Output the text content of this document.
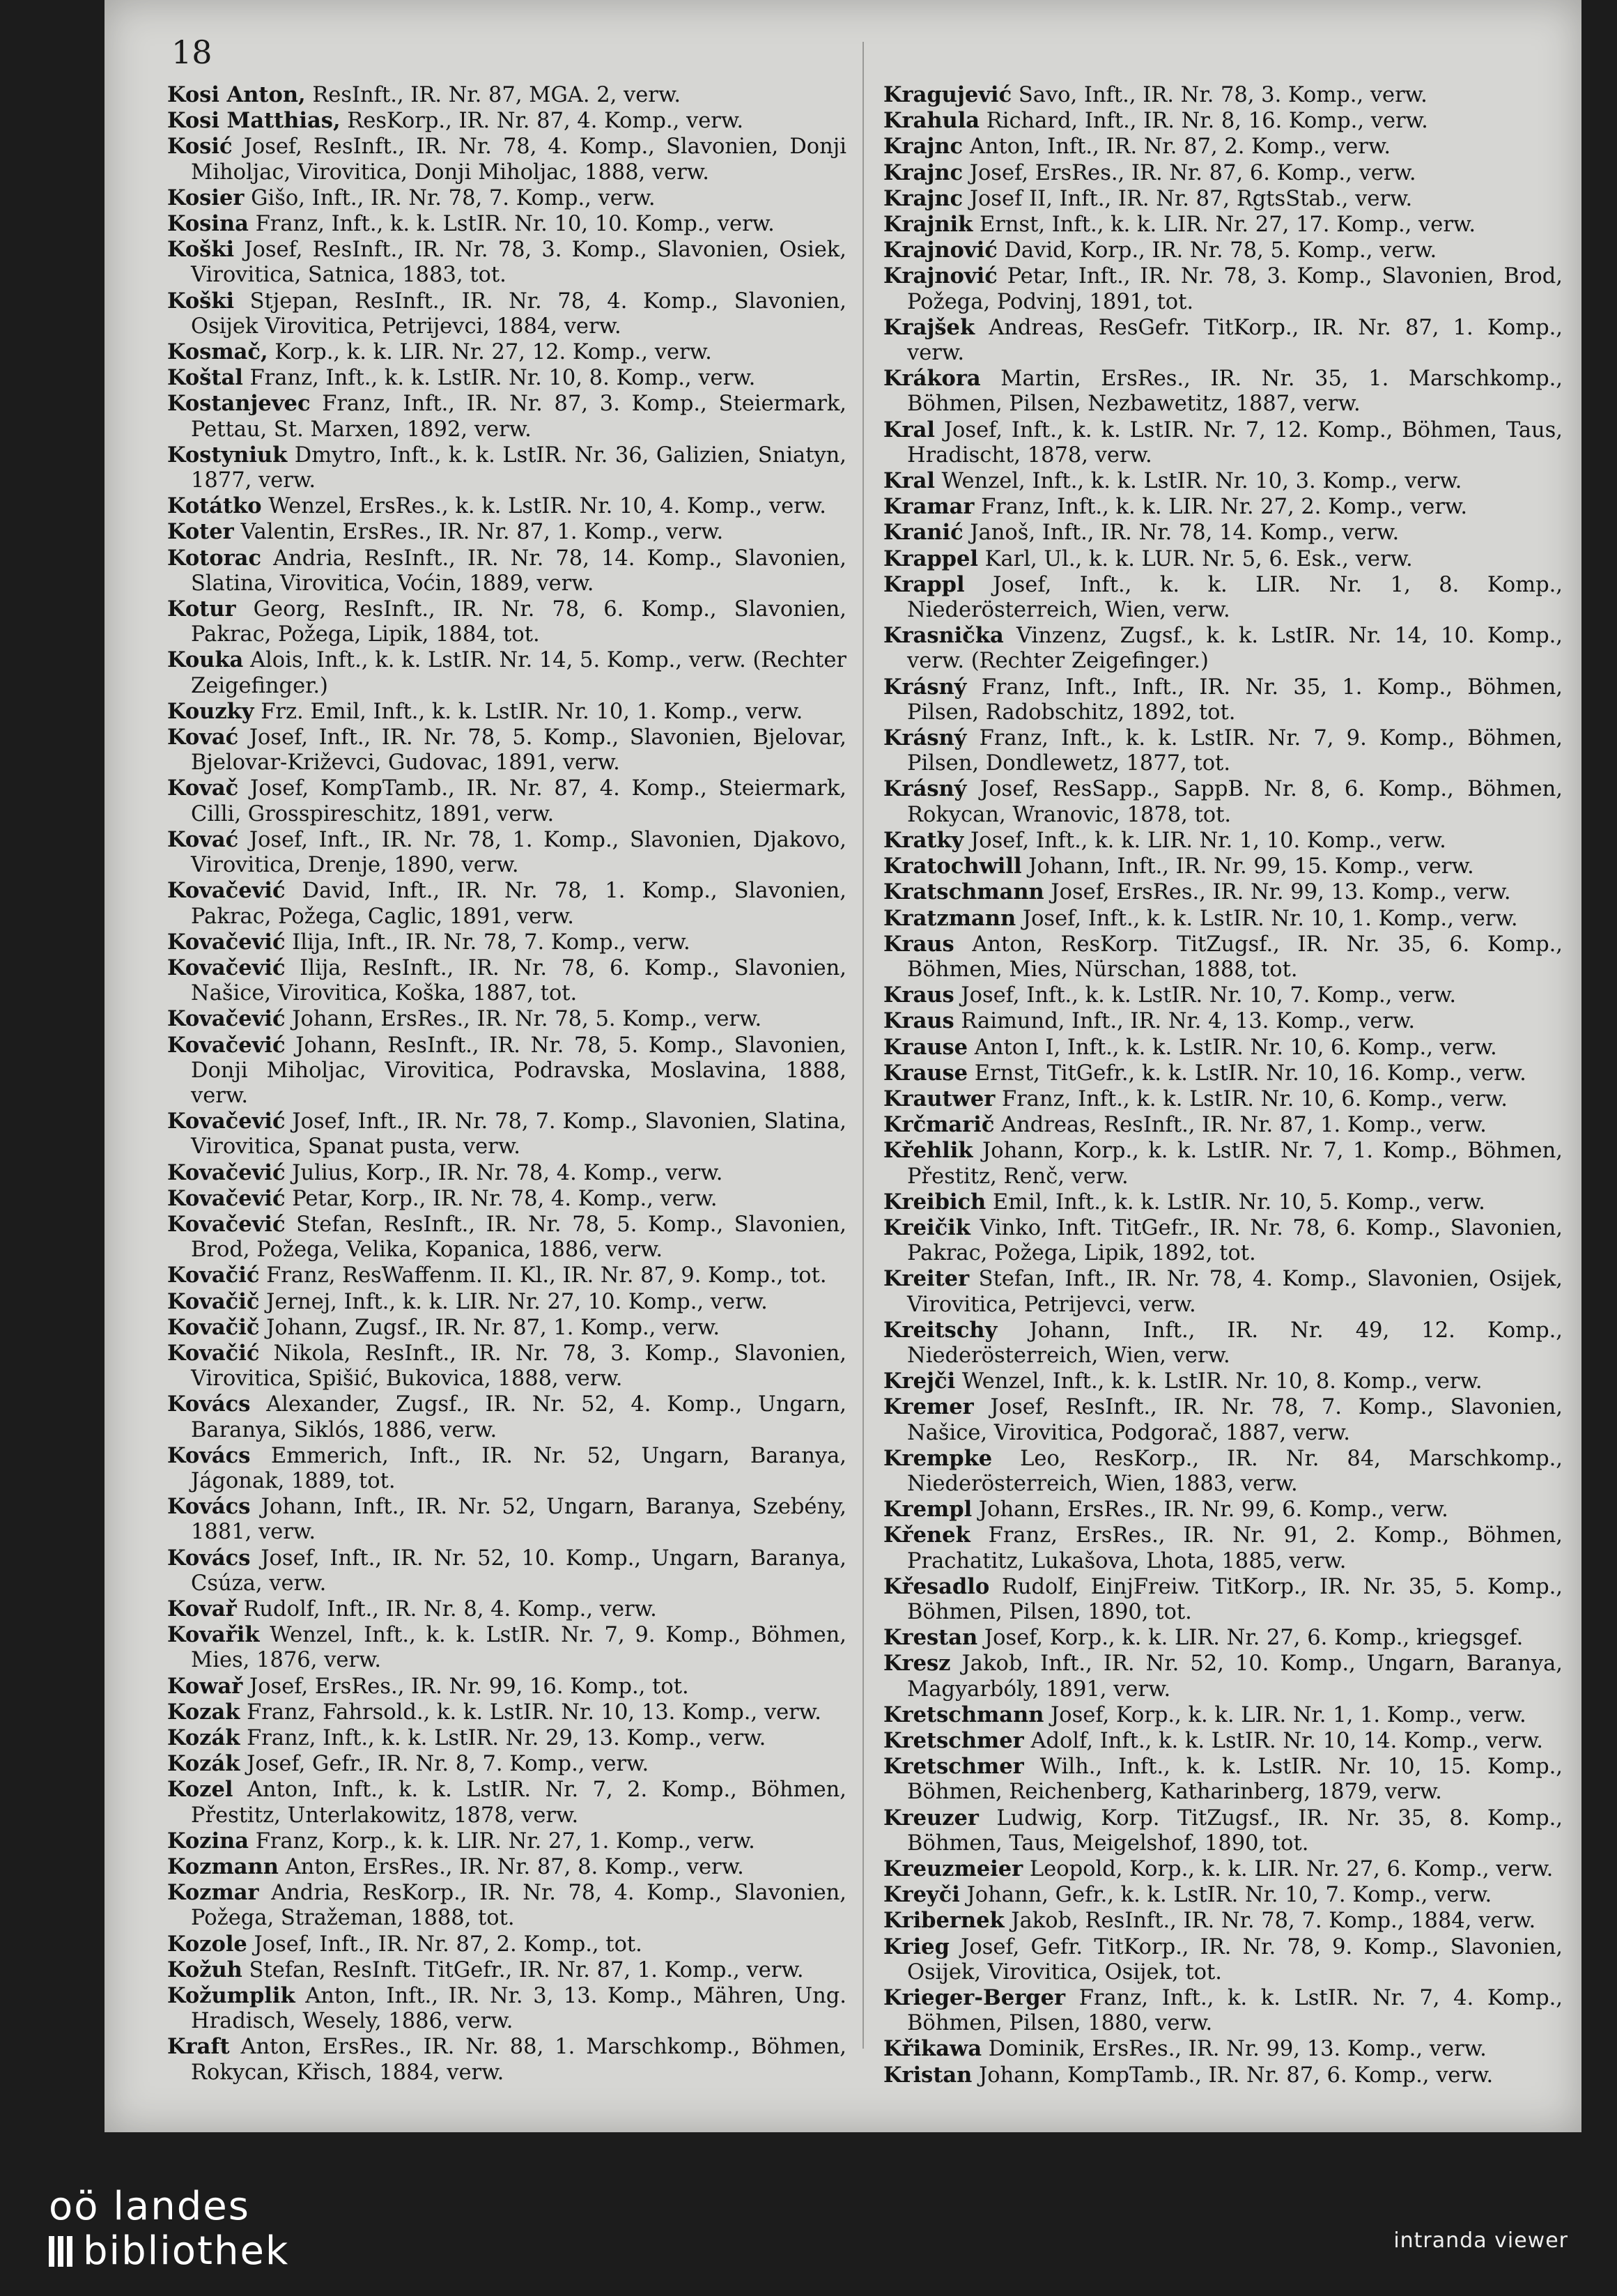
18

Kosi Anton, ResInft., IR. Nr. 87, MGA. 2, verw.

Kosi Matthias, ResKorp., IR. Nr. 87, 4. Komp., verw.

Kosić Josef, ResInft., IR. Nr. 78, 4. Komp., Slavonien, Donji Miholjac, Virovitica, Donji Miholjac, 1888, verw.

Kosier Gišo, Inft., IR. Nr. 78, 7. Komp., verw.

Kosina Franz, Inft., k. k. LstIR. Nr. 10, 10. Komp., verw.

Koški Josef, ResInft., IR. Nr. 78, 3. Komp., Slavonien, Osiek, Virovitica, Satnica, 1883, tot.

Koški Stjepan, ResInft., IR. Nr. 78, 4. Komp., Slavonien, Osijek Virovitica, Petrijevci, 1884, verw.

Kosmač, Korp., k. k. LIR. Nr. 27, 12. Komp., verw.

Koštal Franz, Inft., k. k. LstIR. Nr. 10, 8. Komp., verw.

Kostanjevec Franz, Inft., IR. Nr. 87, 3. Komp., Steiermark, Pettau, St. Marxen, 1892, verw.

Kostyniuk Dmytro, Inft., k. k. LstIR. Nr. 36, Galizien, Sniatyn, 1877, verw.

Kotátko Wenzel, ErsRes., k. k. LstIR. Nr. 10, 4. Komp., verw.

Koter Valentin, ErsRes., IR. Nr. 87, 1. Komp., verw.

Kotorac Andria, ResInft., IR. Nr. 78, 14. Komp., Slavonien, Slatina, Virovitica, Voćin, 1889, verw.

Kotur Georg, ResInft., IR. Nr. 78, 6. Komp., Slavonien, Pakrac, Požega, Lipik, 1884, tot.

Kouka Alois, Inft., k. k. LstIR. Nr. 14, 5. Komp., verw. (Rechter Zeigefinger.)

Kouzky Frz. Emil, Inft., k. k. LstIR. Nr. 10, 1. Komp., verw.

Kovać Josef, Inft., IR. Nr. 78, 5. Komp., Slavonien, Bjelovar, Bjelovar-Križevci, Gudovac, 1891, verw.

Kovač Josef, KompTamb., IR. Nr. 87, 4. Komp., Steiermark, Cilli, Grosspireschitz, 1891, verw.

Kovać Josef, Inft., IR. Nr. 78, 1. Komp., Slavonien, Djakovo, Virovitica, Drenje, 1890, verw.

Kovačević David, Inft., IR. Nr. 78, 1. Komp., Slavonien, Pakrac, Požega, Caglic, 1891, verw.

Kovačević Ilija, Inft., IR. Nr. 78, 7. Komp., verw.

Kovačević Ilija, ResInft., IR. Nr. 78, 6. Komp., Slavonien, Našice, Virovitica, Koška, 1887, tot.

Kovačević Johann, ErsRes., IR. Nr. 78, 5. Komp., verw.

Kovačević Johann, ResInft., IR. Nr. 78, 5. Komp., Slavonien, Donji Miholjac, Virovitica, Podravska, Moslavina, 1888, verw.

Kovačević Josef, Inft., IR. Nr. 78, 7. Komp., Slavonien, Slatina, Virovitica, Spanat pusta, verw.

Kovačević Julius, Korp., IR. Nr. 78, 4. Komp., verw.

Kovačević Petar, Korp., IR. Nr. 78, 4. Komp., verw.

Kovačević Stefan, ResInft., IR. Nr. 78, 5. Komp., Slavonien, Brod, Požega, Velika, Kopanica, 1886, verw.

Kovačić Franz, ResWaffenm. II. Kl., IR. Nr. 87, 9. Komp., tot.

Kovačič Jernej, Inft., k. k. LIR. Nr. 27, 10. Komp., verw.

Kovačič Johann, Zugsf., IR. Nr. 87, 1. Komp., verw.

Kovačić Nikola, ResInft., IR. Nr. 78, 3. Komp., Slavonien, Virovitica, Spišić, Bukovica, 1888, verw.

Kovács Alexander, Zugsf., IR. Nr. 52, 4. Komp., Ungarn, Baranya, Siklós, 1886, verw.

Kovács Emmerich, Inft., IR. Nr. 52, Ungarn, Baranya, Jágonak, 1889, tot.

Kovács Johann, Inft., IR. Nr. 52, Ungarn, Baranya, Szebény, 1881, verw.

Kovács Josef, Inft., IR. Nr. 52, 10. Komp., Ungarn, Baranya, Csúza, verw.

Kovař Rudolf, Inft., IR. Nr. 8, 4. Komp., verw.

Kovařik Wenzel, Inft., k. k. LstIR. Nr. 7, 9. Komp., Böhmen, Mies, 1876, verw.

Kowař Josef, ErsRes., IR. Nr. 99, 16. Komp., tot.

Kozak Franz, Fahrsold., k. k. LstIR. Nr. 10, 13. Komp., verw.

Kozák Franz, Inft., k. k. LstIR. Nr. 29, 13. Komp., verw.

Kozák Josef, Gefr., IR. Nr. 8, 7. Komp., verw.

Kozel Anton, Inft., k. k. LstIR. Nr. 7, 2. Komp., Böhmen, Přestitz, Unterlakowitz, 1878, verw.

Kozina Franz, Korp., k. k. LIR. Nr. 27, 1. Komp., verw.

Kozmann Anton, ErsRes., IR. Nr. 87, 8. Komp., verw.

Kozmar Andria, ResKorp., IR. Nr. 78, 4. Komp., Slavonien, Požega, Stražeman, 1888, tot.

Kozole Josef, Inft., IR. Nr. 87, 2. Komp., tot.

Kožuh Stefan, ResInft. TitGefr., IR. Nr. 87, 1. Komp., verw.

Kožumplik Anton, Inft., IR. Nr. 3, 13. Komp., Mähren, Ung. Hradisch, Wesely, 1886, verw.

Kraft Anton, ErsRes., IR. Nr. 88, 1. Marschkomp., Böhmen, Rokycan, Křisch, 1884, verw.

Kragujević Savo, Inft., IR. Nr. 78, 3. Komp., verw.

Krahula Richard, Inft., IR. Nr. 8, 16. Komp., verw.

Krajnc Anton, Inft., IR. Nr. 87, 2. Komp., verw.

Krajnc Josef, ErsRes., IR. Nr. 87, 6. Komp., verw.

Krajnc Josef II, Inft., IR. Nr. 87, RgtsStab., verw.

Krajnik Ernst, Inft., k. k. LIR. Nr. 27, 17. Komp., verw.

Krajnović David, Korp., IR. Nr. 78, 5. Komp., verw.

Krajnović Petar, Inft., IR. Nr. 78, 3. Komp., Slavonien, Brod, Požega, Podvinj, 1891, tot.

Krajšek Andreas, ResGefr. TitKorp., IR. Nr. 87, 1. Komp., verw.

Krákora Martin, ErsRes., IR. Nr. 35, 1. Marschkomp., Böhmen, Pilsen, Nezbawetitz, 1887, verw.

Kral Josef, Inft., k. k. LstIR. Nr. 7, 12. Komp., Böhmen, Taus, Hradischt, 1878, verw.

Kral Wenzel, Inft., k. k. LstIR. Nr. 10, 3. Komp., verw.

Kramar Franz, Inft., k. k. LIR. Nr. 27, 2. Komp., verw.

Kranić Janoš, Inft., IR. Nr. 78, 14. Komp., verw.

Krappel Karl, Ul., k. k. LUR. Nr. 5, 6. Esk., verw.

Krappl Josef, Inft., k. k. LIR. Nr. 1, 8. Komp., Niederösterreich, Wien, verw.

Krasnička Vinzenz, Zugsf., k. k. LstIR. Nr. 14, 10. Komp., verw. (Rechter Zeigefinger.)

Krásný Franz, Inft., Inft., IR. Nr. 35, 1. Komp., Böhmen, Pilsen, Radobschitz, 1892, tot.

Krásný Franz, Inft., k. k. LstIR. Nr. 7, 9. Komp., Böhmen, Pilsen, Dondlewetz, 1877, tot.

Krásný Josef, ResSapp., SappB. Nr. 8, 6. Komp., Böhmen, Rokycan, Wranovic, 1878, tot.

Kratky Josef, Inft., k. k. LIR. Nr. 1, 10. Komp., verw.

Kratochwill Johann, Inft., IR. Nr. 99, 15. Komp., verw.

Kratschmann Josef, ErsRes., IR. Nr. 99, 13. Komp., verw.

Kratzmann Josef, Inft., k. k. LstIR. Nr. 10, 1. Komp., verw.

Kraus Anton, ResKorp. TitZugsf., IR. Nr. 35, 6. Komp., Böhmen, Mies, Nürschan, 1888, tot.

Kraus Josef, Inft., k. k. LstIR. Nr. 10, 7. Komp., verw.

Kraus Raimund, Inft., IR. Nr. 4, 13. Komp., verw.

Krause Anton I, Inft., k. k. LstIR. Nr. 10, 6. Komp., verw.

Krause Ernst, TitGefr., k. k. LstIR. Nr. 10, 16. Komp., verw.

Krautwer Franz, Inft., k. k. LstIR. Nr. 10, 6. Komp., verw.

Krčmarič Andreas, ResInft., IR. Nr. 87, 1. Komp., verw.

Křehlik Johann, Korp., k. k. LstIR. Nr. 7, 1. Komp., Böhmen, Přestitz, Renč, verw.

Kreibich Emil, Inft., k. k. LstIR. Nr. 10, 5. Komp., verw.

Kreičik Vinko, Inft. TitGefr., IR. Nr. 78, 6. Komp., Slavonien, Pakrac, Požega, Lipik, 1892, tot.

Kreiter Stefan, Inft., IR. Nr. 78, 4. Komp., Slavonien, Osijek, Virovitica, Petrijevci, verw.

Kreitschy Johann, Inft., IR. Nr. 49, 12. Komp., Niederösterreich, Wien, verw.

Krejči Wenzel, Inft., k. k. LstIR. Nr. 10, 8. Komp., verw.

Kremer Josef, ResInft., IR. Nr. 78, 7. Komp., Slavonien, Našice, Virovitica, Podgorač, 1887, verw.

Krempke Leo, ResKorp., IR. Nr. 84, Marschkomp., Niederösterreich, Wien, 1883, verw.

Krempl Johann, ErsRes., IR. Nr. 99, 6. Komp., verw.

Křenek Franz, ErsRes., IR. Nr. 91, 2. Komp., Böhmen, Prachatitz, Lukašova, Lhota, 1885, verw.

Křesadlo Rudolf, EinjFreiw. TitKorp., IR. Nr. 35, 5. Komp., Böhmen, Pilsen, 1890, tot.

Krestan Josef, Korp., k. k. LIR. Nr. 27, 6. Komp., kriegsgef.

Kresz Jakob, Inft., IR. Nr. 52, 10. Komp., Ungarn, Baranya, Magyarbóly, 1891, verw.

Kretschmann Josef, Korp., k. k. LIR. Nr. 1, 1. Komp., verw.

Kretschmer Adolf, Inft., k. k. LstIR. Nr. 10, 14. Komp., verw.

Kretschmer Wilh., Inft., k. k. LstIR. Nr. 10, 15. Komp., Böhmen, Reichenberg, Katharinberg, 1879, verw.

Kreuzer Ludwig, Korp. TitZugsf., IR. Nr. 35, 8. Komp., Böhmen, Taus, Meigelshof, 1890, tot.

Kreuzmeier Leopold, Korp., k. k. LIR. Nr. 27, 6. Komp., verw.

Kreyči Johann, Gefr., k. k. LstIR. Nr. 10, 7. Komp., verw.

Kribernek Jakob, ResInft., IR. Nr. 78, 7. Komp., 1884, verw.

Krieg Josef, Gefr. TitKorp., IR. Nr. 78, 9. Komp., Slavonien, Osijek, Virovitica, Osijek, tot.

Krieger-Berger Franz, Inft., k. k. LstIR. Nr. 7, 4. Komp., Böhmen, Pilsen, 1880, verw.

Křikawa Dominik, ErsRes., IR. Nr. 99, 13. Komp., verw.

Kristan Johann, KompTamb., IR. Nr. 87, 6. Komp., verw.

oö landes
bibliothek	intranda viewer
